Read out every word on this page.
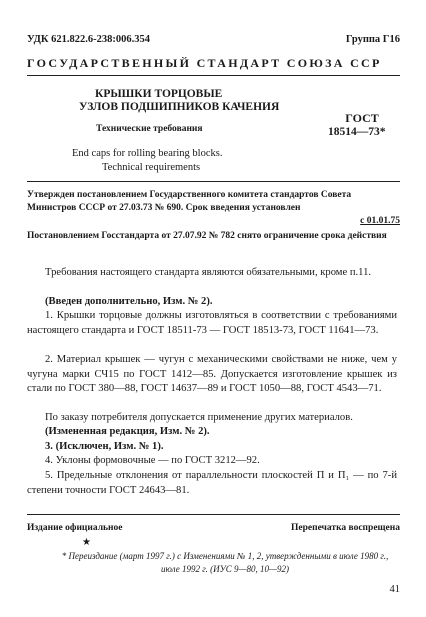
УДК 621.822.6-238:006.354	Группа Г16
ГОСУДАРСТВЕННЫЙ СТАНДАРТ СОЮЗА ССР
КРЫШКИ ТОРЦОВЫЕ
УЗЛОВ ПОДШИПНИКОВ КАЧЕНИЯ
Технические требования
ГОСТ
18514—73*
End caps for rolling bearing blocks.
Technical requirements
Утвержден постановлением Государственного комитета стандартов Совета Министров СССР от 27.03.73 № 690. Срок введения установлен
с 01.01.75
Постановлением Госстандарта от 27.07.92 № 782 снято ограничение срока действия
Требования настоящего стандарта являются обязательными, кроме п.11.
(Введен дополнительно, Изм. № 2).
1. Крышки торцовые должны изготовляться в соответствии с требованиями настоящего стандарта и ГОСТ 18511-73 — ГОСТ 18513-73, ГОСТ 11641—73.
2. Материал крышек — чугун с механическими свойствами не ниже, чем у чугуна марки СЧ15 по ГОСТ 1412—85. Допускается изготовление крышек из стали по ГОСТ 380—88, ГОСТ 14637—89 и ГОСТ 1050—88, ГОСТ 4543—71.
По заказу потребителя допускается применение других материалов.
(Измененная редакция, Изм. № 2).
3. (Исключен, Изм. № 1).
4. Уклоны формовочные — по ГОСТ 3212—92.
5. Предельные отклонения от параллельности плоскостей П и П₁ — по 7-й степени точности ГОСТ 24643—81.
Издание официальное	Перепечатка воспрещена
★
* Переиздание (март 1997 г.) с Изменениями № 1, 2, утвержденными в июле 1980 г., июле 1992 г. (ИУС 9—80, 10—92)
41
